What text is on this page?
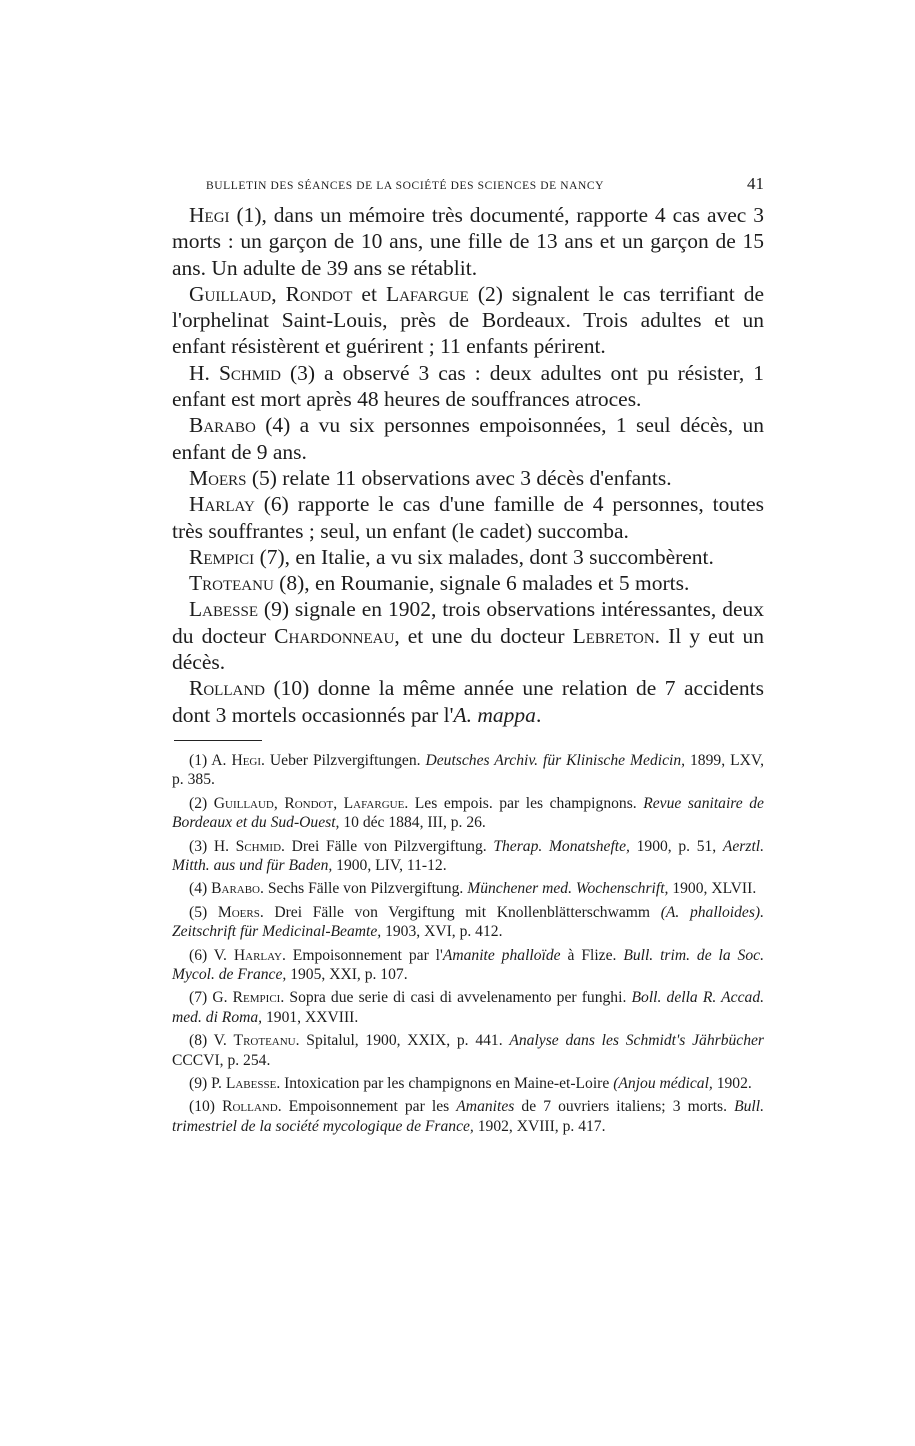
BULLETIN DES SÉANCES DE LA SOCIÉTÉ DES SCIENCES DE NANCY	41

Hegi (1), dans un mémoire très documenté, rapporte 4 cas avec 3 morts : un garçon de 10 ans, une fille de 13 ans et un garçon de 15 ans. Un adulte de 39 ans se rétablit.

Guillaud, Rondot et Lafargue (2) signalent le cas terrifiant de l'orphelinat Saint-Louis, près de Bordeaux. Trois adultes et un enfant résistèrent et guérirent ; 11 enfants périrent.

H. Schmid (3) a observé 3 cas : deux adultes ont pu résister, 1 enfant est mort après 48 heures de souffrances atroces.

Barabo (4) a vu six personnes empoisonnées, 1 seul décès, un enfant de 9 ans.

Moers (5) relate 11 observations avec 3 décès d'enfants.

Harlay (6) rapporte le cas d'une famille de 4 personnes, toutes très souffrantes ; seul, un enfant (le cadet) succomba.

Rempici (7), en Italie, a vu six malades, dont 3 succombèrent.

Troteanu (8), en Roumanie, signale 6 malades et 5 morts.

Labesse (9) signale en 1902, trois observations intéressantes, deux du docteur Chardonneau, et une du docteur Lebreton. Il y eut un décès.

Rolland (10) donne la même année une relation de 7 accidents dont 3 mortels occasionnés par l'A. mappa.

(1) A. Hegi. Ueber Pilzvergiftungen. Deutsches Archiv. für Klinische Medicin, 1899, LXV, p. 385.

(2) Guillaud, Rondot, Lafargue. Les empois. par les champignons. Revue sanitaire de Bordeaux et du Sud-Ouest, 10 déc 1884, III, p. 26.

(3) H. Schmid. Drei Fälle von Pilzvergiftung. Therap. Monatshefte, 1900, p. 51, Aerztl. Mitth. aus und für Baden, 1900, LIV, 11-12.

(4) Barabo. Sechs Fälle von Pilzvergiftung. Münchener med. Wochenschrift, 1900, XLVII.

(5) Moers. Drei Fälle von Vergiftung mit Knollenblätterschwamm (A. phalloides). Zeitschrift für Medicinal-Beamte, 1903, XVI, p. 412.

(6) V. Harlay. Empoisonnement par l'Amanite phalloïde à Flize. Bull. trim. de la Soc. Mycol. de France, 1905, XXI, p. 107.

(7) G. Rempici. Sopra due serie di casi di avvelenamento per funghi. Boll. della R. Accad. med. di Roma, 1901, XXVIII.

(8) V. Troteanu. Spitalul, 1900, XXIX, p. 441. Analyse dans les Schmidt's Jährbücher CCCVI, p. 254.

(9) P. Labesse. Intoxication par les champignons en Maine-et-Loire (Anjou médical, 1902.

(10) Rolland. Empoisonnement par les Amanites de 7 ouvriers italiens; 3 morts. Bull. trimestriel de la société mycologique de France, 1902, XVIII, p. 417.
